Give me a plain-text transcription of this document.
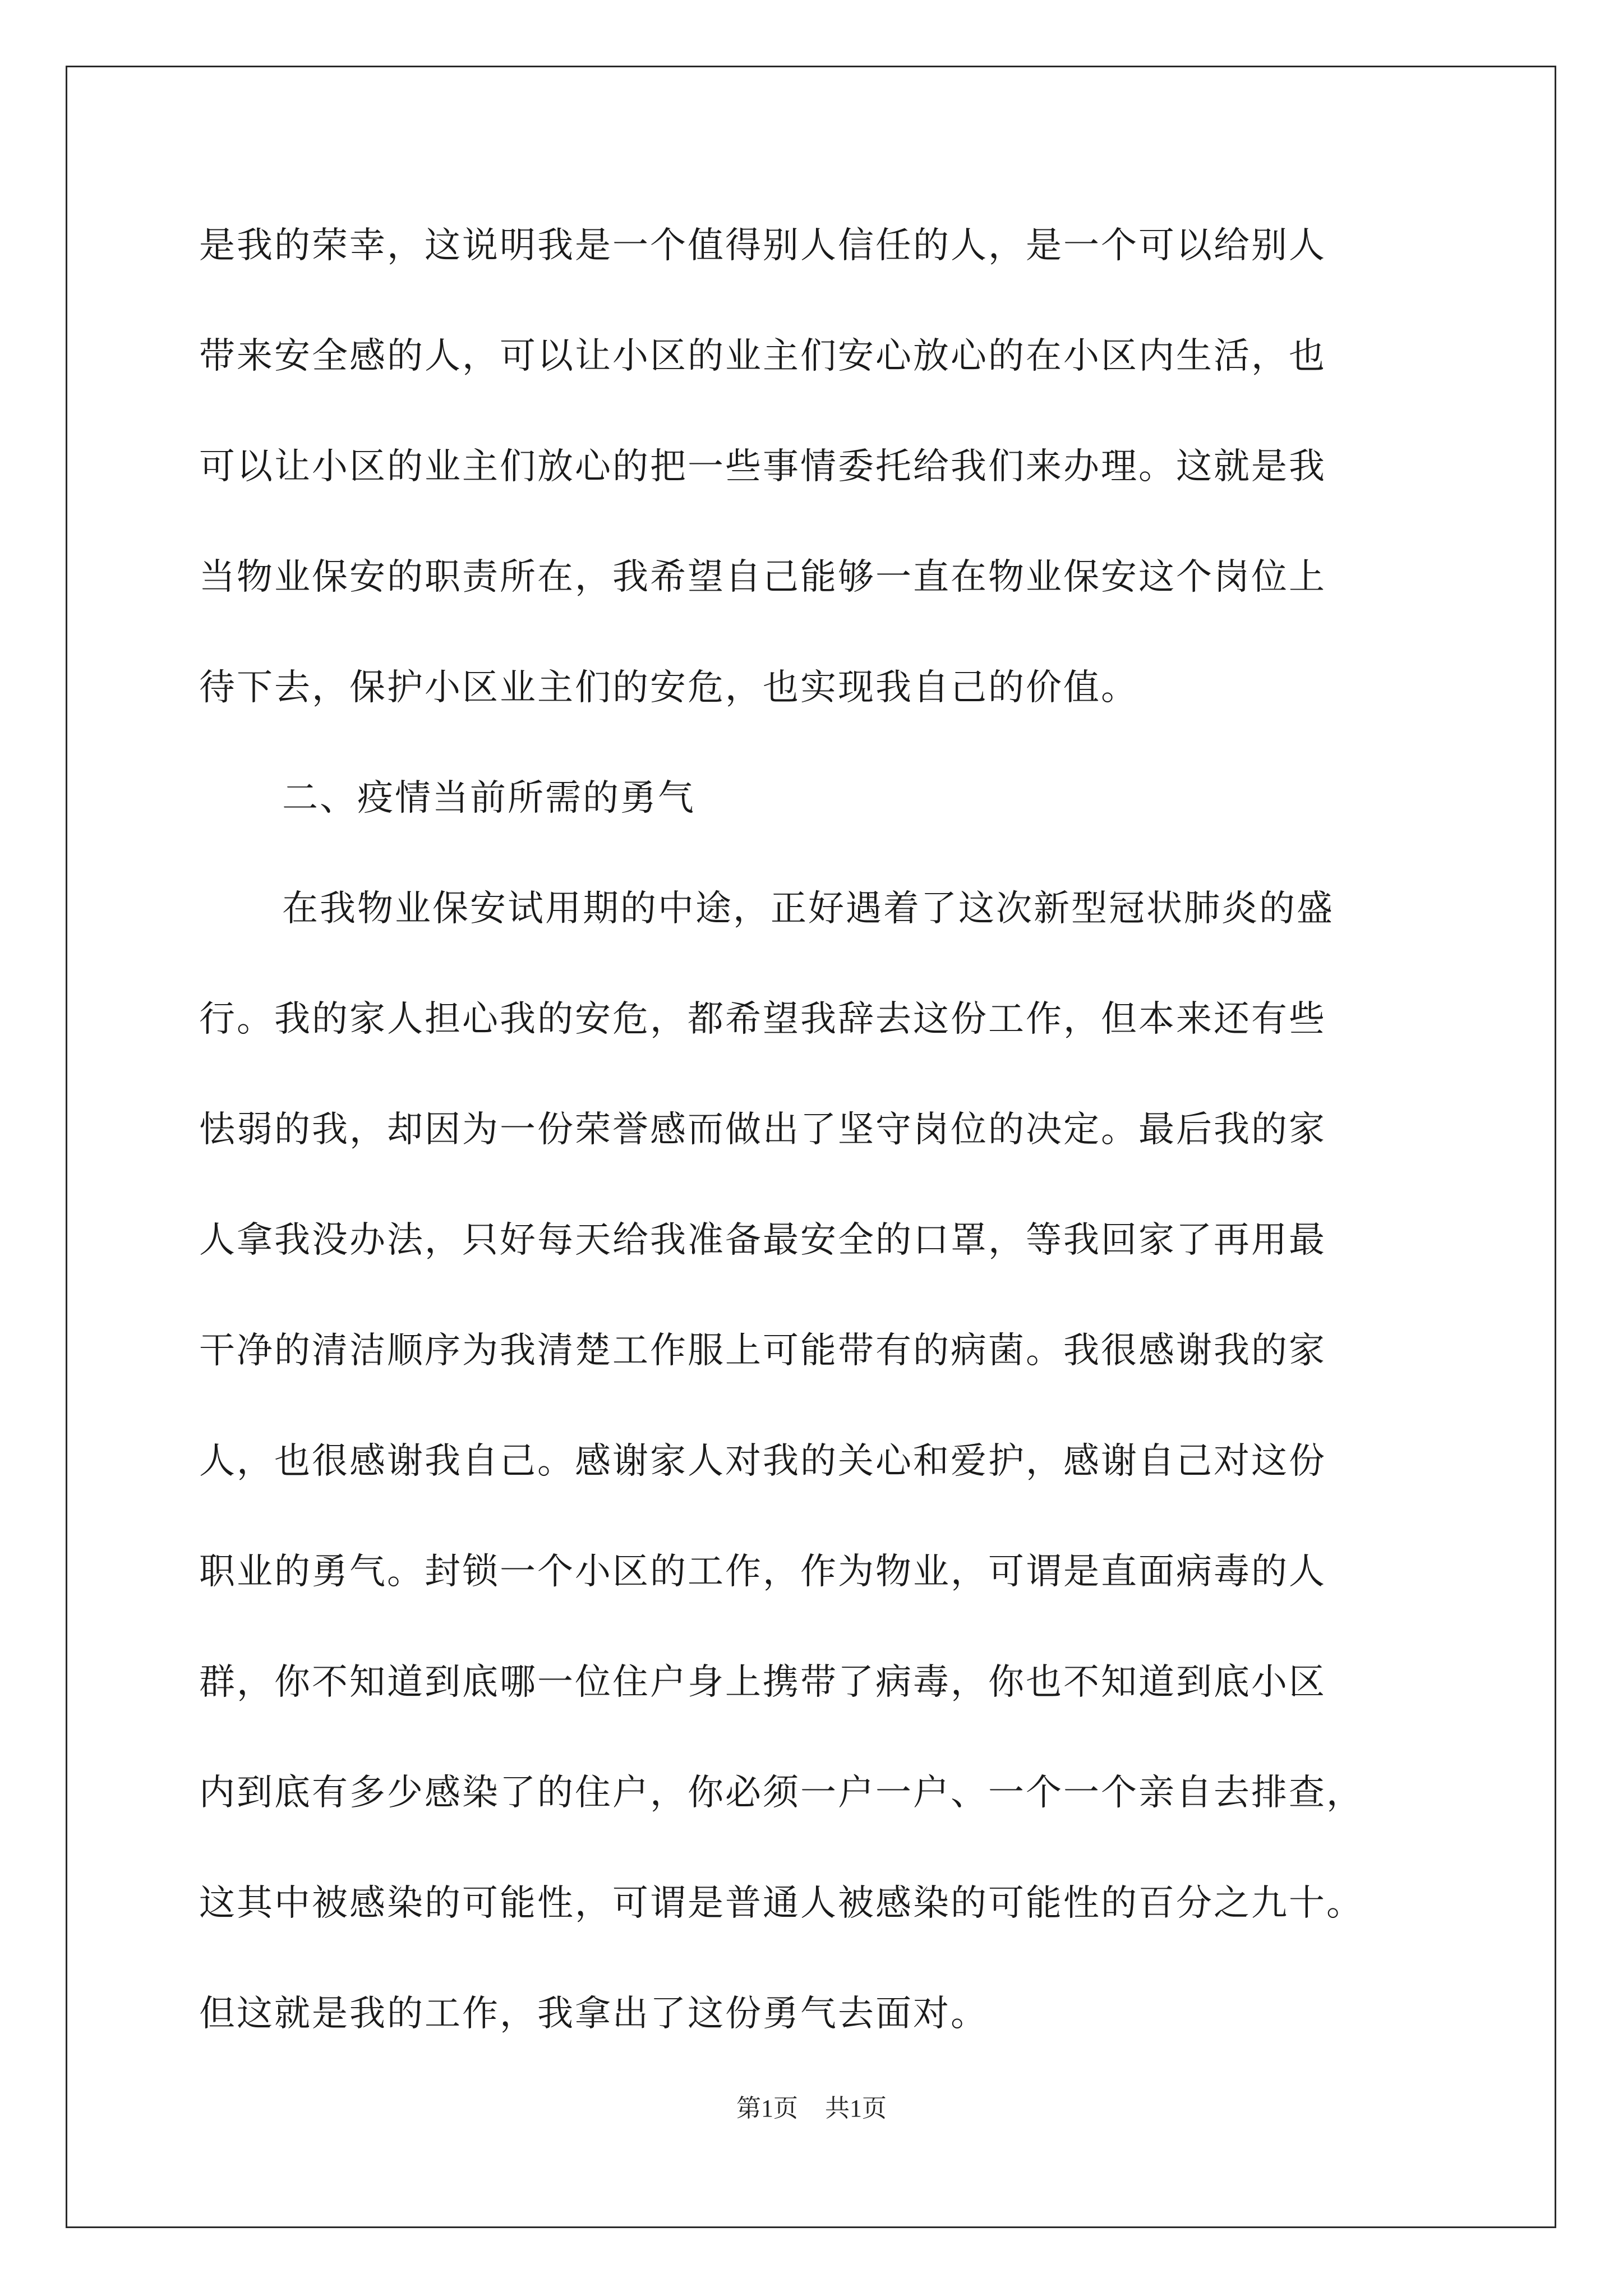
是我的荣幸，这说明我是一个值得别人信任的人，是一个可以给别人
带来安全感的人，可以让小区的业主们安心放心的在小区内生活，也
可以让小区的业主们放心的把一些事情委托给我们来办理。这就是我
当物业保安的职责所在，我希望自己能够一直在物业保安这个岗位上
待下去，保护小区业主们的安危，也实现我自己的价值。
二、疫情当前所需的勇气
在我物业保安试用期的中途，正好遇着了这次新型冠状肺炎的盛
行。我的家人担心我的安危，都希望我辞去这份工作，但本来还有些
怯弱的我，却因为一份荣誉感而做出了坚守岗位的决定。最后我的家
人拿我没办法，只好每天给我准备最安全的口罩，等我回家了再用最
干净的清洁顺序为我清楚工作服上可能带有的病菌。我很感谢我的家
人，也很感谢我自己。感谢家人对我的关心和爱护，感谢自己对这份
职业的勇气。封锁一个小区的工作，作为物业，可谓是直面病毒的人
群，你不知道到底哪一位住户身上携带了病毒，你也不知道到底小区
内到底有多少感染了的住户，你必须一户一户、一个一个亲自去排查，
这其中被感染的可能性，可谓是普通人被感染的可能性的百分之九十。
但这就是我的工作，我拿出了这份勇气去面对。
第1页 共1页
